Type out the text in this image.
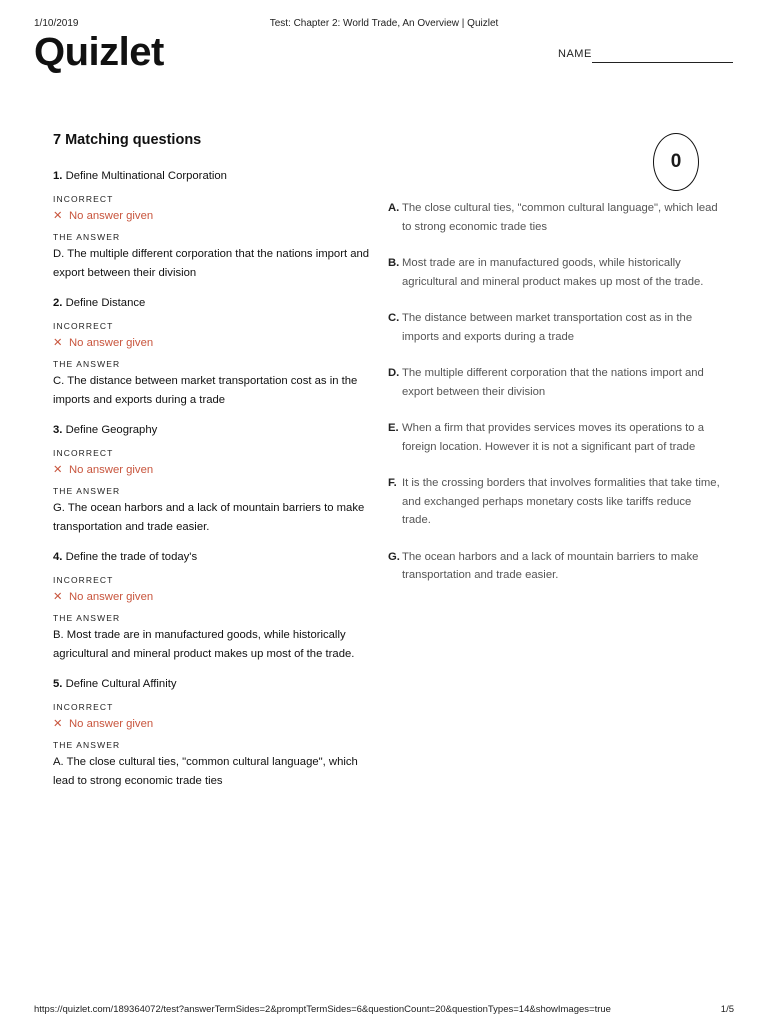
1/10/2019	Test: Chapter 2: World Trade, An Overview | Quizlet
Quizlet	NAME
7 Matching questions
0
1. Define Multinational Corporation
INCORRECT
✕ No answer given
THE ANSWER
D. The multiple different corporation that the nations import and export between their division
2. Define Distance
INCORRECT
✕ No answer given
THE ANSWER
C. The distance between market transportation cost as in the imports and exports during a trade
3. Define Geography
INCORRECT
✕ No answer given
THE ANSWER
G. The ocean harbors and a lack of mountain barriers to make transportation and trade easier.
4. Define the trade of today's
INCORRECT
✕ No answer given
THE ANSWER
B. Most trade are in manufactured goods, while historically agricultural and mineral product makes up most of the trade.
5. Define Cultural Affinity
INCORRECT
✕ No answer given
THE ANSWER
A. The close cultural ties, "common cultural language", which lead to strong economic trade ties
A. The close cultural ties, "common cultural language", which lead to strong economic trade ties
B. Most trade are in manufactured goods, while historically agricultural and mineral product makes up most of the trade.
C. The distance between market transportation cost as in the imports and exports during a trade
D. The multiple different corporation that the nations import and export between their division
E. When a firm that provides services moves its operations to a foreign location. However it is not a significant part of trade
F. It is the crossing borders that involves formalities that take time, and exchanged perhaps monetary costs like tariffs reduce trade.
G. The ocean harbors and a lack of mountain barriers to make transportation and trade easier.
https://quizlet.com/189364072/test?answerTermSides=2&promptTermSides=6&questionCount=20&questionTypes=14&showImages=true	1/5
